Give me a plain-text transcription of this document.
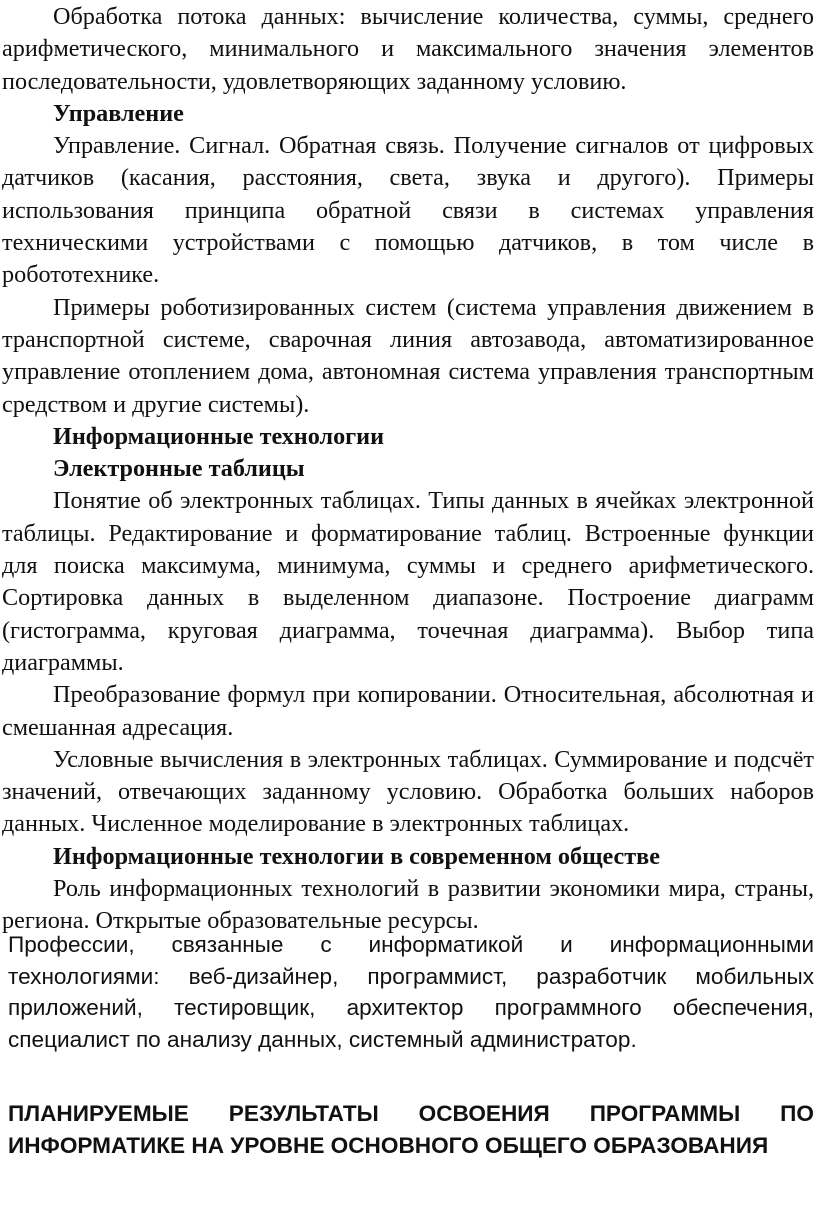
Обработка потока данных: вычисление количества, суммы, среднего арифметического, минимального и максимального значения элементов последовательности, удовлетворяющих заданному условию.

Управление

Управление. Сигнал. Обратная связь. Получение сигналов от цифровых датчиков (касания, расстояния, света, звука и другого). Примеры использования принципа обратной связи в системах управления техническими устройствами с помощью датчиков, в том числе в робототехнике.

Примеры роботизированных систем (система управления движением в транспортной системе, сварочная линия автозавода, автоматизированное управление отоплением дома, автономная система управления транспортным средством и другие системы).

Информационные технологии
Электронные таблицы

Понятие об электронных таблицах. Типы данных в ячейках электронной таблицы. Редактирование и форматирование таблиц. Встроенные функции для поиска максимума, минимума, суммы и среднего арифметического. Сортировка данных в выделенном диапазоне. Построение диаграмм (гистограмма, круговая диаграмма, точечная диаграмма). Выбор типа диаграммы.

Преобразование формул при копировании. Относительная, абсолютная и смешанная адресация.

Условные вычисления в электронных таблицах. Суммирование и подсчёт значений, отвечающих заданному условию. Обработка больших наборов данных. Численное моделирование в электронных таблицах.

Информационные технологии в современном обществе

Роль информационных технологий в развитии экономики мира, страны, региона. Открытые образовательные ресурсы.

Профессии, связанные с информатикой и информационными технологиями: веб-дизайнер, программист, разработчик мобильных приложений, тестировщик, архитектор программного обеспечения, специалист по анализу данных, системный администратор.

ПЛАНИРУЕМЫЕ РЕЗУЛЬТАТЫ ОСВОЕНИЯ ПРОГРАММЫ ПО ИНФОРМАТИКЕ НА УРОВНЕ ОСНОВНОГО ОБЩЕГО ОБРАЗОВАНИЯ
